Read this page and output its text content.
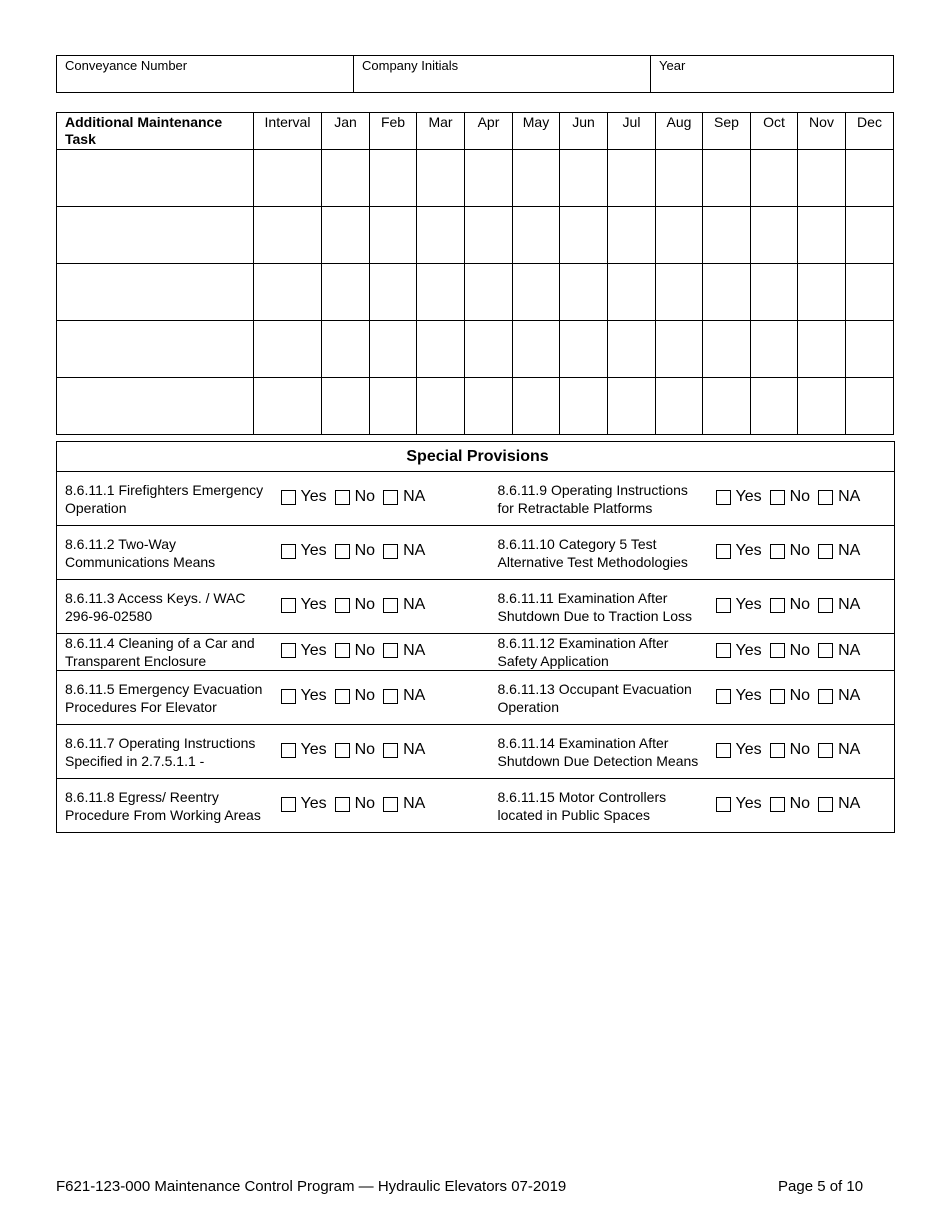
Conveyance Number	Company Initials	Year
Additional Maintenance Task	Interval	Jan	Feb	Mar	Apr	May	Jun	Jul	Aug	Sep	Oct	Nov	Dec

Special Provisions			
8.6.11.1 Firefighters Emergency Operation	Yes No NA	8.6.11.9 Operating Instructions for Retractable Platforms	Yes No NA

8.6.11.2 Two-Way Communications Means	Yes No NA	8.6.11.10 Category 5 Test Alternative Test Methodologies	Yes No NA

8.6.11.3 Access Keys. / WAC 296-96-02580	Yes No NA	8.6.11.11 Examination After Shutdown Due to Traction Loss	Yes No NA

8.6.11.4 Cleaning of a Car and Transparent Enclosure	Yes No NA	8.6.11.12 Examination After Safety Application	Yes No NA

8.6.11.5 Emergency Evacuation Procedures For Elevator	Yes No NA	8.6.11.13 Occupant Evacuation Operation	Yes No NA

8.6.11.7 Operating Instructions Specified in 2.7.5.1.1 -	Yes No NA	8.6.11.14 Examination After Shutdown Due Detection Means	Yes No NA

8.6.11.8 Egress/ Reentry Procedure From Working Areas	Yes No NA	8.6.11.15 Motor Controllers located in Public Spaces	Yes No NA
F621-123-000 Maintenance Control Program — Hydraulic Elevators 07-2019	Page 5 of 10
